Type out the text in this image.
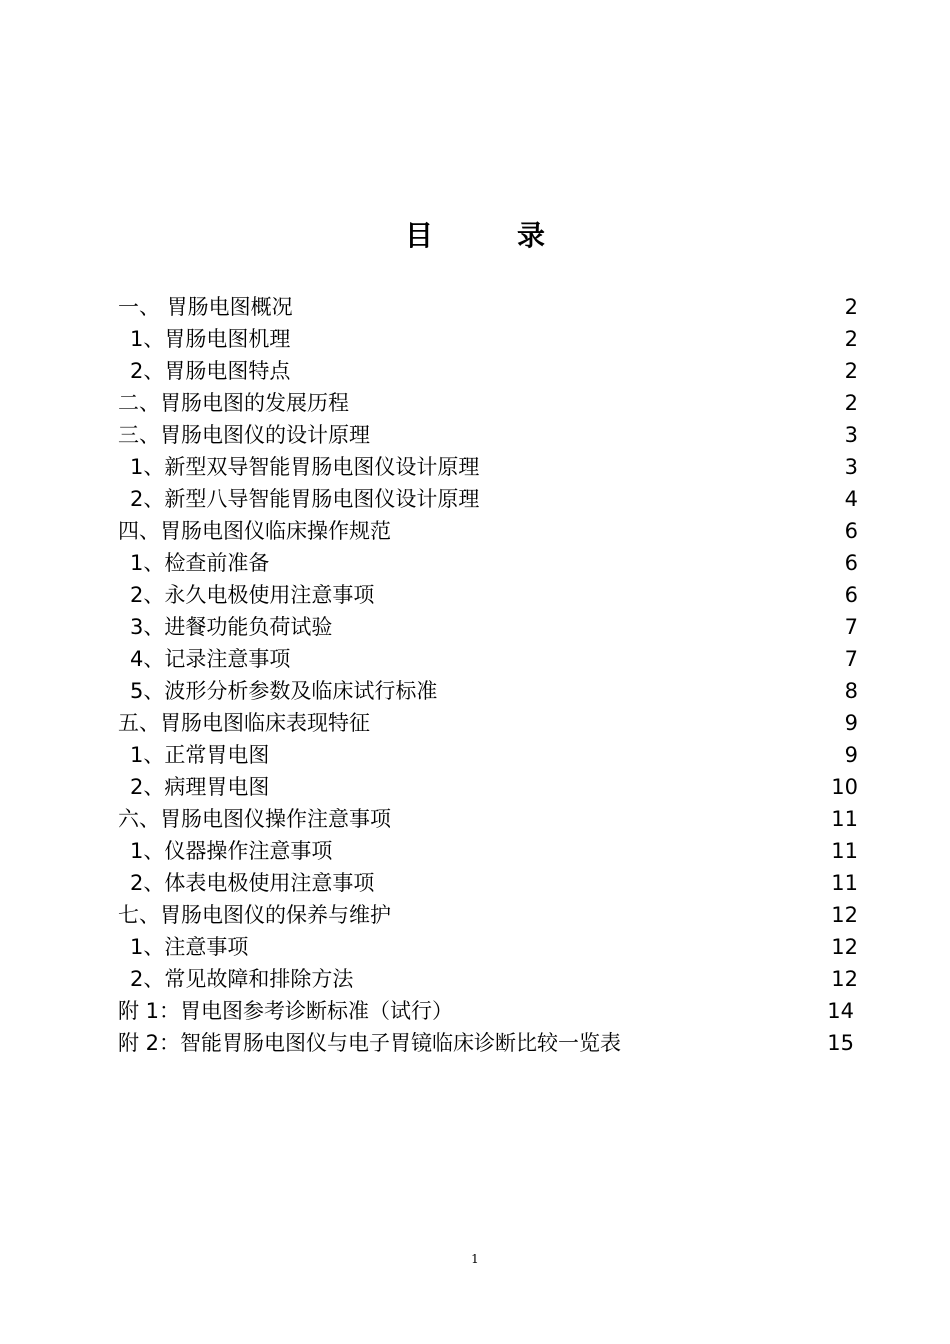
目	录
一、 胃肠电图概况	2
1、胃肠电图机理	2
2、胃肠电图特点	2
二、胃肠电图的发展历程	2
三、胃肠电图仪的设计原理	3
1、新型双导智能胃肠电图仪设计原理	3
2、新型八导智能胃肠电图仪设计原理	4
四、胃肠电图仪临床操作规范	6
1、检查前准备	6
2、永久电极使用注意事项	6
3、进餐功能负荷试验	7
4、记录注意事项	7
5、波形分析参数及临床试行标准	8
五、胃肠电图临床表现特征	9
1、正常胃电图	9
2、病理胃电图	10
六、胃肠电图仪操作注意事项	11
1、仪器操作注意事项	11
2、体表电极使用注意事项	11
七、胃肠电图仪的保养与维护	12
1、注意事项	12
2、常见故障和排除方法	12
附 1：胃电图参考诊断标准（试行）	14
附 2：智能胃肠电图仪与电子胃镜临床诊断比较一览表	15
1
